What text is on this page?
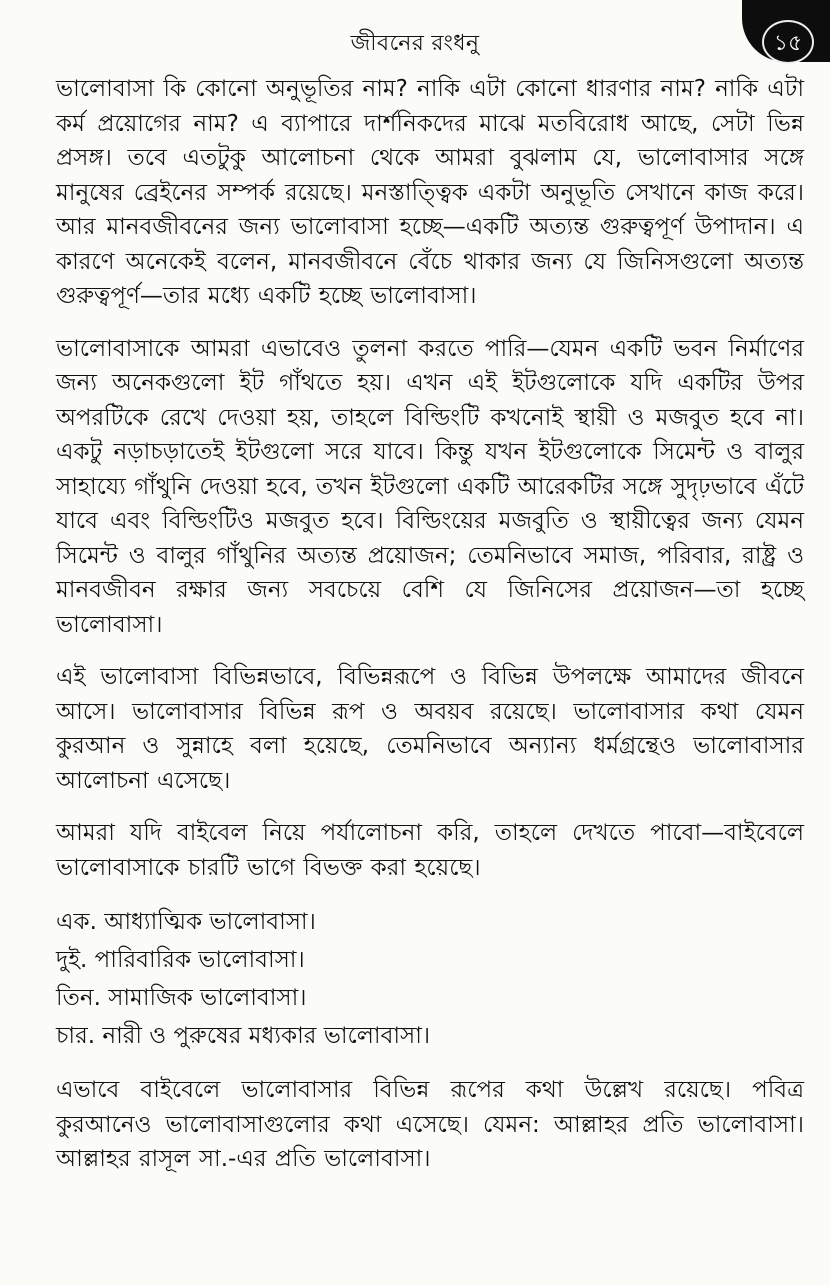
১৫
জীবনের রংধনু

ভালোবাসা কি কোনো অনুভূতির নাম? নাকি এটা কোনো ধারণার নাম? নাকি এটা কর্ম প্রয়োগের নাম? এ ব্যাপারে দার্শনিকদের মাঝে মতবিরোধ আছে, সেটা ভিন্ন প্রসঙ্গ। তবে এতটুকু আলোচনা থেকে আমরা বুঝলাম যে, ভালোবাসার সঙ্গে মানুষের ব্রেইনের সম্পর্ক রয়েছে। মনস্তাত্ত্বিক একটা অনুভূতি সেখানে কাজ করে। আর মানবজীবনের জন্য ভালোবাসা হচ্ছে—একটি অত্যন্ত গুরুত্বপূর্ণ উপাদান। এ কারণে অনেকেই বলেন, মানবজীবনে বেঁচে থাকার জন্য যে জিনিসগুলো অত্যন্ত গুরুত্বপূর্ণ—তার মধ্যে একটি হচ্ছে ভালোবাসা।

ভালোবাসাকে আমরা এভাবেও তুলনা করতে পারি—যেমন একটি ভবন নির্মাণের জন্য অনেকগুলো ইট গাঁথতে হয়। এখন এই ইটগুলোকে যদি একটির উপর অপরটিকে রেখে দেওয়া হয়, তাহলে বিল্ডিংটি কখনোই স্থায়ী ও মজবুত হবে না। একটু নড়াচড়াতেই ইটগুলো সরে যাবে। কিন্তু যখন ইটগুলোকে সিমেন্ট ও বালুর সাহায্যে গাঁথুনি দেওয়া হবে, তখন ইটগুলো একটি আরেকটির সঙ্গে সুদৃঢ়ভাবে এঁটে যাবে এবং বিল্ডিংটিও মজবুত হবে। বিল্ডিংয়ের মজবুতি ও স্থায়ীত্বের জন্য যেমন সিমেন্ট ও বালুর গাঁথুনির অত্যন্ত প্রয়োজন; তেমনিভাবে সমাজ, পরিবার, রাষ্ট্র ও মানবজীবন রক্ষার জন্য সবচেয়ে বেশি যে জিনিসের প্রয়োজন—তা হচ্ছে ভালোবাসা।

এই ভালোবাসা বিভিন্নভাবে, বিভিন্নরূপে ও বিভিন্ন উপলক্ষে আমাদের জীবনে আসে। ভালোবাসার বিভিন্ন রূপ ও অবয়ব রয়েছে। ভালোবাসার কথা যেমন কুরআন ও সুন্নাহে বলা হয়েছে, তেমনিভাবে অন্যান্য ধর্মগ্রন্থেও ভালোবাসার আলোচনা এসেছে।

আমরা যদি বাইবেল নিয়ে পর্যালোচনা করি, তাহলে দেখতে পাবো—বাইবেলে ভালোবাসাকে চারটি ভাগে বিভক্ত করা হয়েছে।

এক. আধ্যাত্মিক ভালোবাসা।
দুই. পারিবারিক ভালোবাসা।
তিন. সামাজিক ভালোবাসা।
চার. নারী ও পুরুষের মধ্যকার ভালোবাসা।

এভাবে বাইবেলে ভালোবাসার বিভিন্ন রূপের কথা উল্লেখ রয়েছে। পবিত্র কুরআনেও ভালোবাসাগুলোর কথা এসেছে। যেমন: আল্লাহর প্রতি ভালোবাসা। আল্লাহর রাসূল সা.-এর প্রতি ভালোবাসা।
